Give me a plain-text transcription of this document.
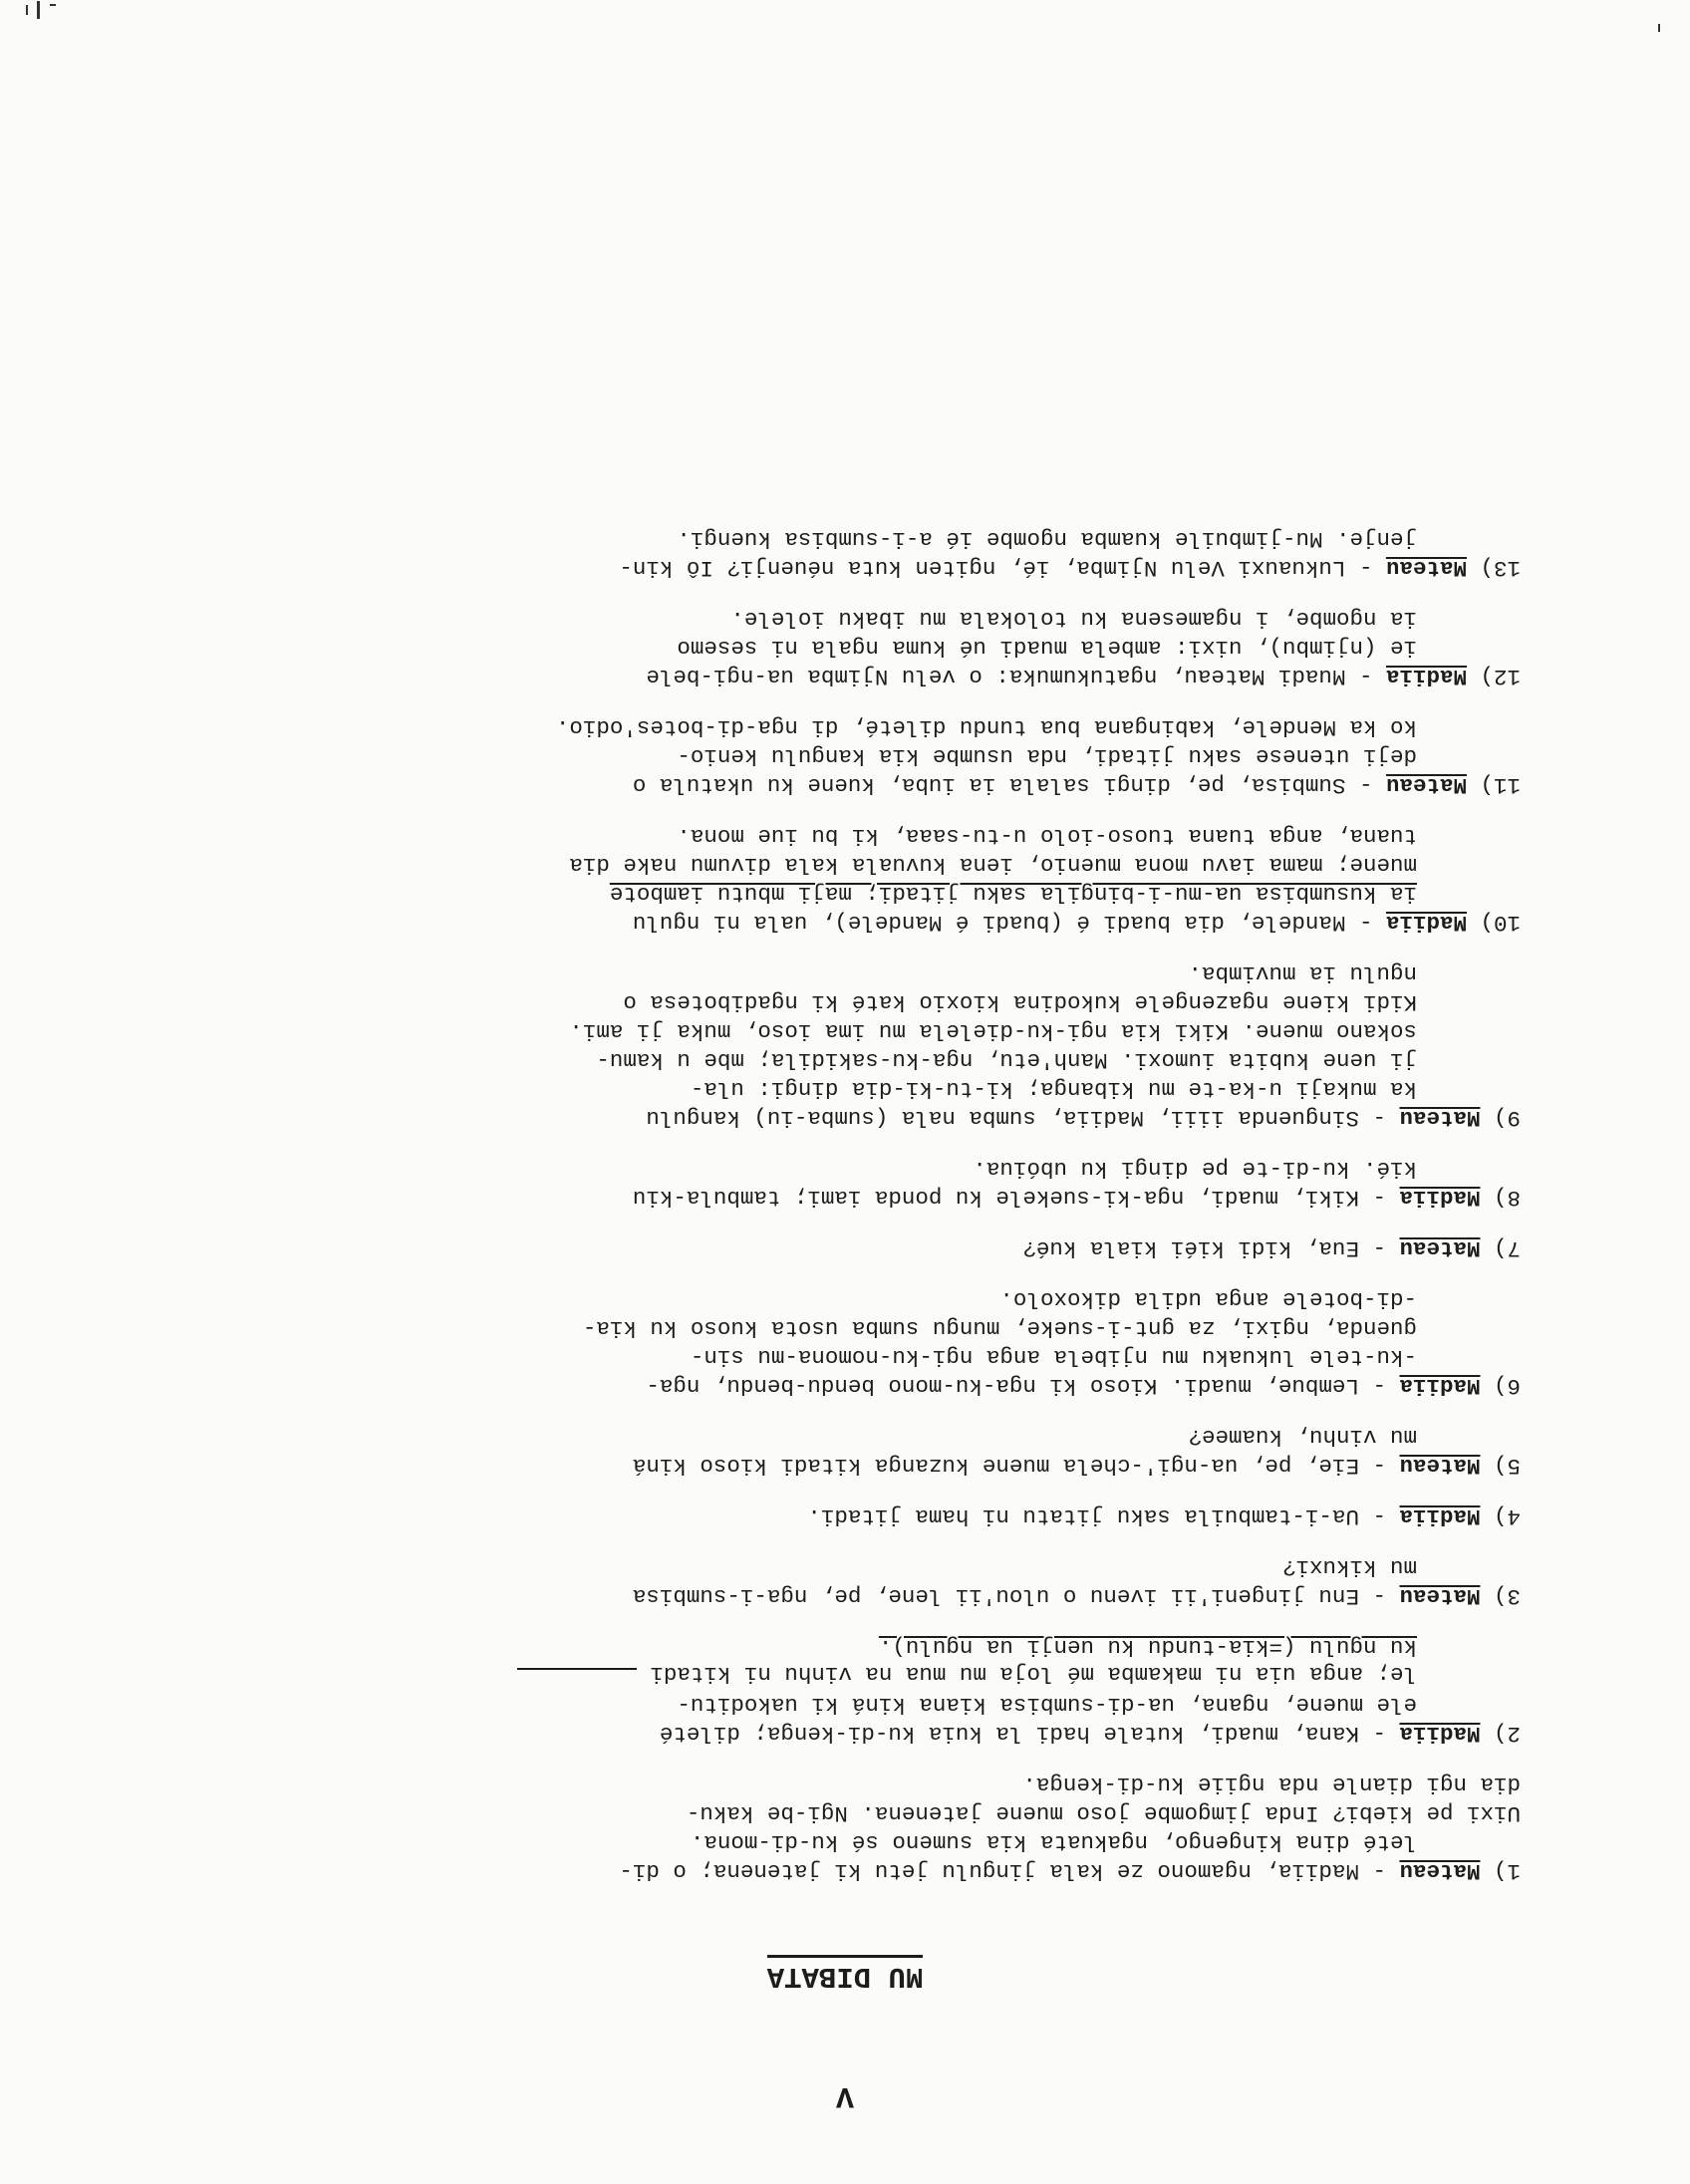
V
MU DIBATA
1) Mateau - Madiia, ngamono ze kala jingulu jetu ki jatenena; o di-
leté dina kingengo, ngakuata kia sumeno sé ku-di-mona.
Uixi pe kiebi? Inda jimgombe joso muene jatenena. Ngi-be kaku-
dia ngi dianle nda ngiie ku-di-kenga.
2) Madiia - Kana, muadi, kutale hadi la kuia ku-di-kenga; dileté
ele muene, ngana, ua-di-sumbisa kiana kiná ki uakoditu-
le; anga uia ni makamba mé loja mu mua na vinhu ni kitadi
ku ngulu (=kia-tundu ku uenji ua ngulu).
3) Mateau - Enu jingeni'ii ivenu o ulou'ii lene, pe, nga-i-sumbisa
mu kikuxi?
4) Madiia - Ua-i-tambuila saku jitatu ni hama jitadi.
5) Mateau - Eie, pe, ua-ngi'-chela muene kuzanga kitadi kioso kiná
mu vinhu, kuamee?
6) Madiia - Lembue, muadi. Kioso ki nga-ku-mono bendu-bendu, nga-
-ku-tele lukuaku mu njibela anga ngi-ku-nomona-mu sin-
guenda, ngixi, za gnt-i-sueke, mungu sumba usota kuoso ku kia-
-di-botele anga udila dikoxolo.
7) Mateau - Eua, kidi kiéi kiala kué?
8) Madiia - Kiki, muadi, nga-ki-suekele ku ponda iami; tambula-kiu
kié. ku-di-te pe dingi ku ubóiua.
9) Mateau - Singuenda iiii, Madiia, sumba nala (sumba-iu) kangulu
ka mukaji u-ka-te mu kibanga; ki-tu-ki-dia dingi: ula-
ji uene kubita iumoxi. Manh'etu, nga-ku-sakidila; mbe u kamu-
sokano muene. Kiki kia ngi-ku-dielela mu ima ioso, muka ji ami.
Kidi kiene ngazengele kukodina kioxio katé ki ngadibotesa o
ngulu ia muvimba.
10) Madiia - Mandele, dia buadi é (buadi é Mandele), uala ni ngulu
ia kusumbisa ua-mu-i-bingila saku jitadi; maji mbutu iambote
muene; mama iavu mona muenio, iena kuvuala kala divumu nake dia
tuana, anga tuana tuoso-iolo u-tu-saaa, ki bu iue mona.
11) Mateau - Sumbisa, pe, dingi salala ia iuba, kuene ku ukatula o
deji utenese saku jitadi, nda usumbe kia kangulu kenio-
ko ka Mendele, kabingana bua tundu dileté, di nga-di-botes'odio.
12) Madiia - Muadi Mateau, ngatukumuka: o velu Njimba ua-ngi-bele
ie (njimbu), uixi: ambela muadi ué kuma ngala ni sesemo
ia ngombe, i ngamesena ku tolokala mu ibaku iolele.
13) Mateau - Lukuauxi Velu Njimba, ié, ngiten kuta néuenji? Iô kin-
jenje. Mu-jimbuile kuamba ngombe ié a-i-sumbisa kuengi.
